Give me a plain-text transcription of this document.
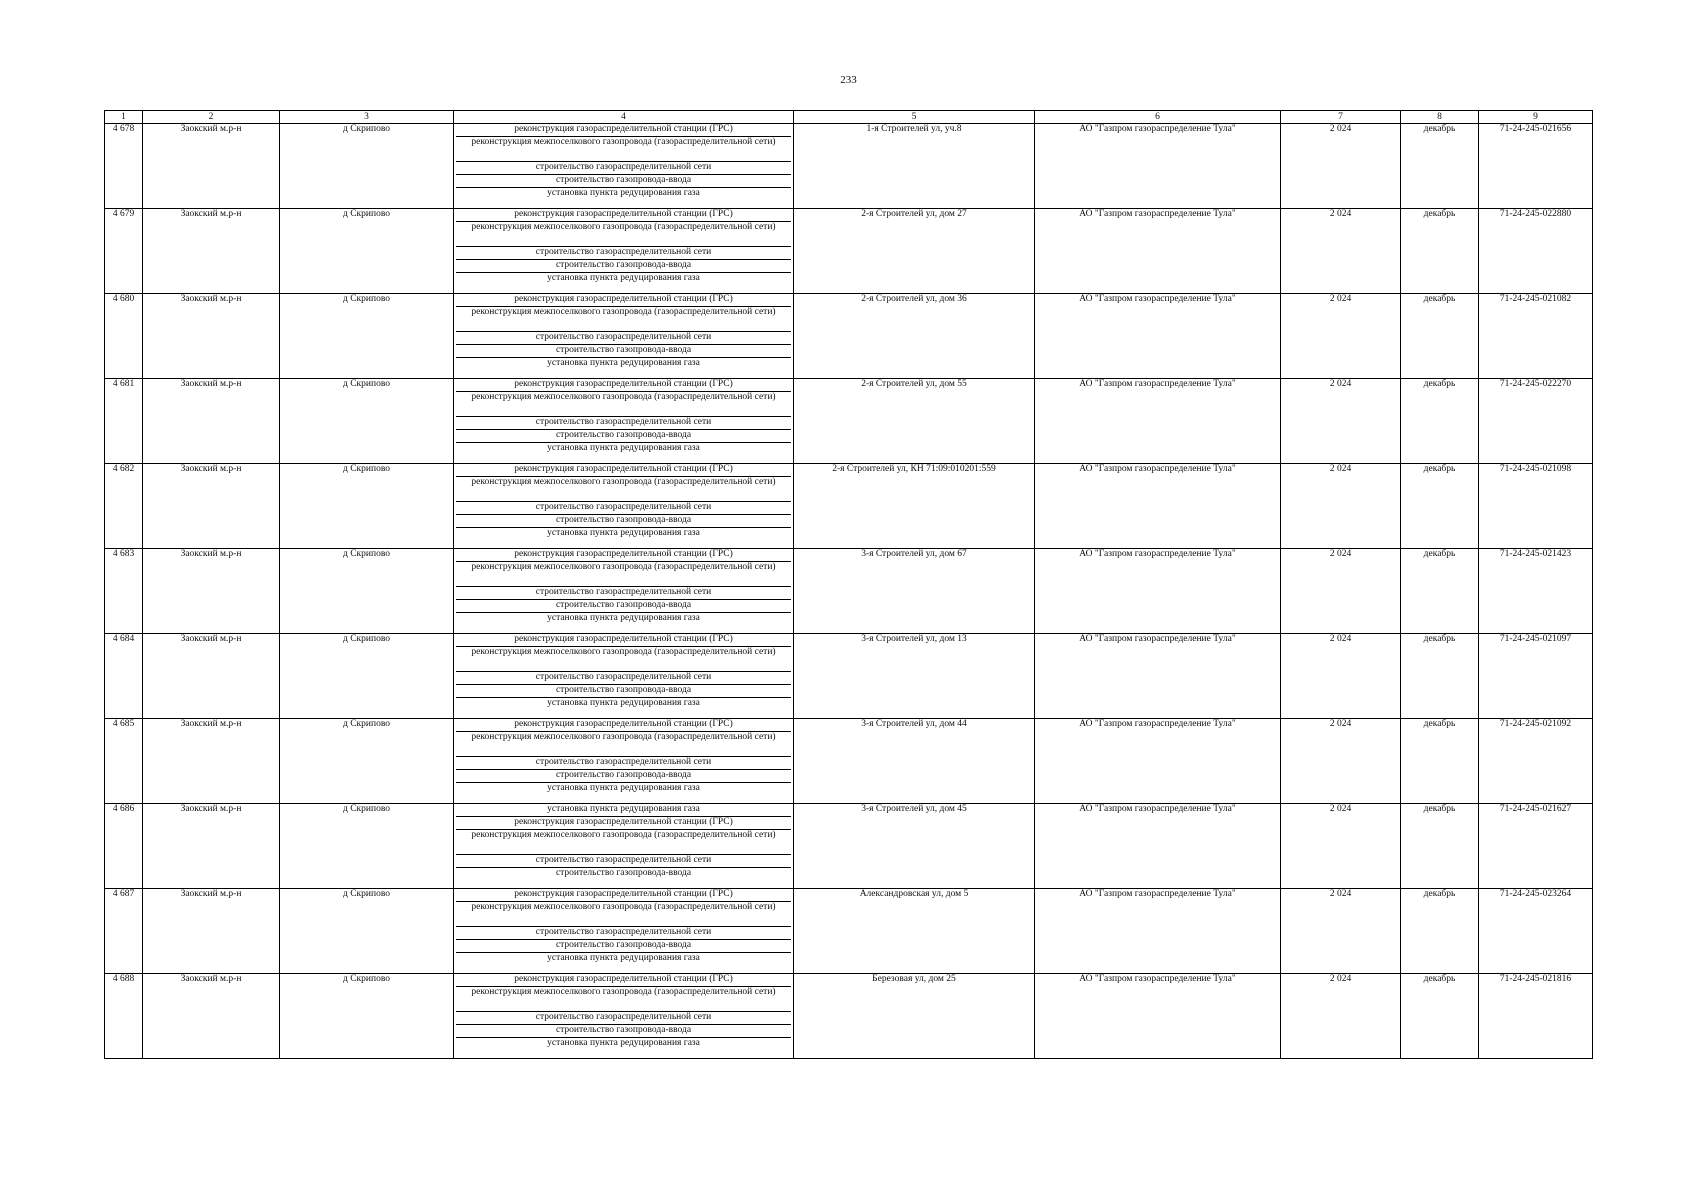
233
1	2	3	4	5	6	7	8	9
4 678	Заокский м.р-н	д Скрипово	реконструкция газораспределительной станции (ГРС)
реконструкция межпоселкового газопровода (газораспределительной сети)
строительство газораспределительной сети
строительство газопровода-ввода
установка пункта редуцирования газа	1-я Строителей ул, уч.8	АО "Газпром газораспределение Тула"	2 024	декабрь	71-24-245-021656
4 679	Заокский м.р-н	д Скрипово	реконструкция газораспределительной станции (ГРС)
реконструкция межпоселкового газопровода (газораспределительной сети)
строительство газораспределительной сети
строительство газопровода-ввода
установка пункта редуцирования газа	2-я Строителей ул, дом 27	АО "Газпром газораспределение Тула"	2 024	декабрь	71-24-245-022880
4 680	Заокский м.р-н	д Скрипово	реконструкция газораспределительной станции (ГРС)
реконструкция межпоселкового газопровода (газораспределительной сети)
строительство газораспределительной сети
строительство газопровода-ввода
установка пункта редуцирования газа	2-я Строителей ул, дом 36	АО "Газпром газораспределение Тула"	2 024	декабрь	71-24-245-021082
4 681	Заокский м.р-н	д Скрипово	реконструкция газораспределительной станции (ГРС)
реконструкция межпоселкового газопровода (газораспределительной сети)
строительство газораспределительной сети
строительство газопровода-ввода
установка пункта редуцирования газа	2-я Строителей ул, дом 55	АО "Газпром газораспределение Тула"	2 024	декабрь	71-24-245-022270
4 682	Заокский м.р-н	д Скрипово	реконструкция газораспределительной станции (ГРС)
реконструкция межпоселкового газопровода (газораспределительной сети)
строительство газораспределительной сети
строительство газопровода-ввода
установка пункта редуцирования газа	2-я Строителей ул, КН 71:09:010201:559	АО "Газпром газораспределение Тула"	2 024	декабрь	71-24-245-021098
4 683	Заокский м.р-н	д Скрипово	реконструкция газораспределительной станции (ГРС)
реконструкция межпоселкового газопровода (газораспределительной сети)
строительство газораспределительной сети
строительство газопровода-ввода
установка пункта редуцирования газа	3-я Строителей ул, дом 67	АО "Газпром газораспределение Тула"	2 024	декабрь	71-24-245-021423
4 684	Заокский м.р-н	д Скрипово	реконструкция газораспределительной станции (ГРС)
реконструкция межпоселкового газопровода (газораспределительной сети)
строительство газораспределительной сети
строительство газопровода-ввода
установка пункта редуцирования газа	3-я Строителей ул, дом 13	АО "Газпром газораспределение Тула"	2 024	декабрь	71-24-245-021097
4 685	Заокский м.р-н	д Скрипово	реконструкция газораспределительной станции (ГРС)
реконструкция межпоселкового газопровода (газораспределительной сети)
строительство газораспределительной сети
строительство газопровода-ввода
установка пункта редуцирования газа	3-я Строителей ул, дом 44	АО "Газпром газораспределение Тула"	2 024	декабрь	71-24-245-021092
4 686	Заокский м.р-н	д Скрипово	установка пункта редуцирования газа
реконструкция газораспределительной станции (ГРС)
реконструкция межпоселкового газопровода (газораспределительной сети)
строительство газораспределительной сети
строительство газопровода-ввода	3-я Строителей ул, дом 45	АО "Газпром газораспределение Тула"	2 024	декабрь	71-24-245-021627
4 687	Заокский м.р-н	д Скрипово	реконструкция газораспределительной станции (ГРС)
реконструкция межпоселкового газопровода (газораспределительной сети)
строительство газораспределительной сети
строительство газопровода-ввода
установка пункта редуцирования газа	Александровская ул, дом 5	АО "Газпром газораспределение Тула"	2 024	декабрь	71-24-245-023264
4 688	Заокский м.р-н	д Скрипово	реконструкция газораспределительной станции (ГРС)
реконструкция межпоселкового газопровода (газораспределительной сети)
строительство газораспределительной сети
строительство газопровода-ввода
установка пункта редуцирования газа	Березовая ул, дом 25	АО "Газпром газораспределение Тула"	2 024	декабрь	71-24-245-021816
